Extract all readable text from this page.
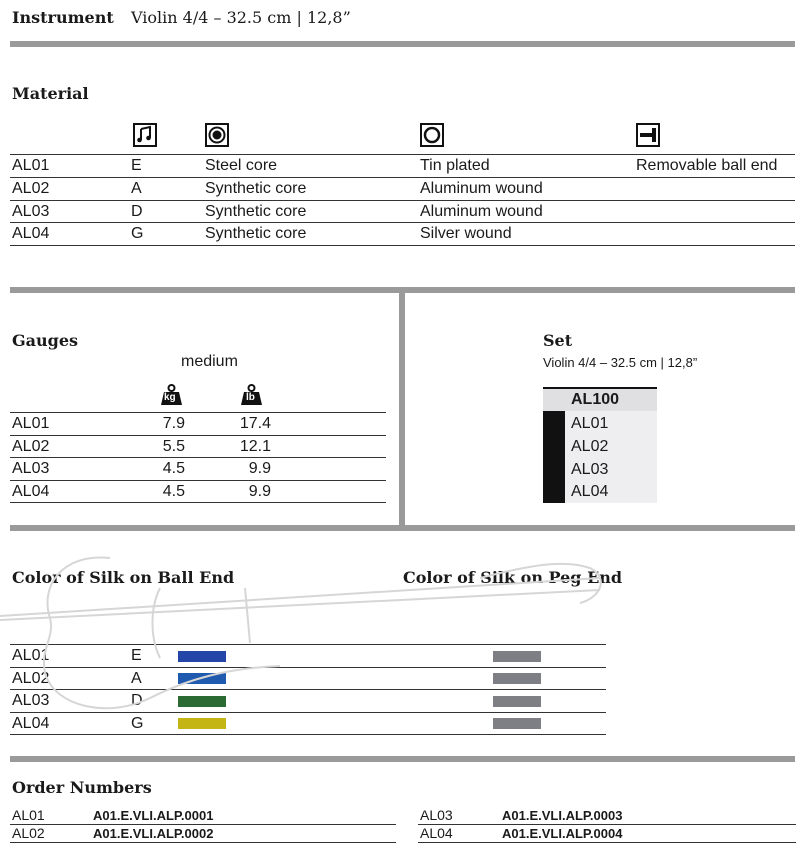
Instrument Violin 4/4 – 32.5 cm | 12,8”
Material
AL01	E	Steel core	Tin plated	Removable ball end
AL02	A	Synthetic core	Aluminum wound
AL03	D	Synthetic core	Aluminum wound
AL04	G	Synthetic core	Silver wound
Gauges
medium
kg	lb
AL01	7.9	17.4
AL02	5.5	12.1
AL03	4.5	9.9
AL04	4.5	9.9
Set
Violin 4/4 – 32.5 cm | 12,8”
AL100
AL01
AL02
AL03
AL04
Color of Silk on Ball End	Color of Silk on Peg End
AL01	E
AL02	A
AL03	D
AL04	G
Order Numbers
AL01	A01.E.VLI.ALP.0001
AL02	A01.E.VLI.ALP.0002
AL03	A01.E.VLI.ALP.0003
AL04	A01.E.VLI.ALP.0004
